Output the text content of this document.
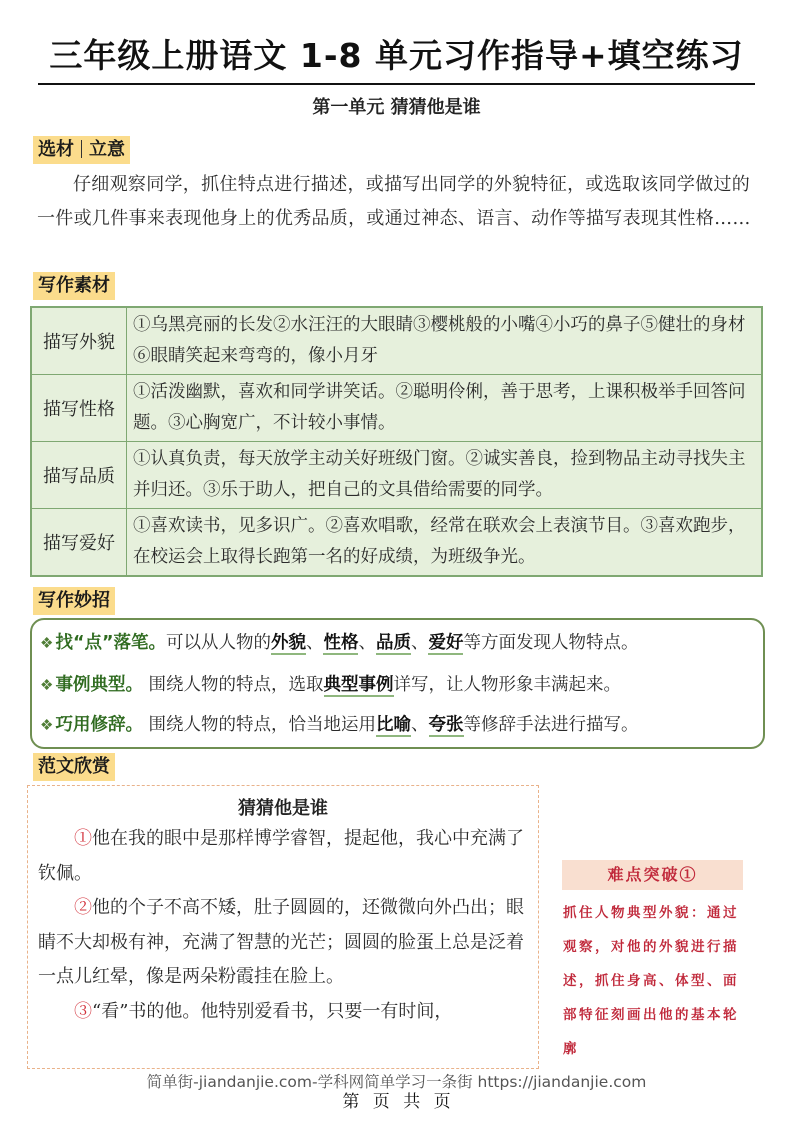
三年级上册语文 1-8 单元习作指导+填空练习
第一单元 猜猜他是谁
选材 立意
仔细观察同学，抓住特点进行描述，或描写出同学的外貌特征，或选取该同学做过的一件或几件事来表现他身上的优秀品质，或通过神态、语言、动作等描写表现其性格……
写作素材
描写外貌	①乌黑亮丽的长发②水汪汪的大眼睛③樱桃般的小嘴④小巧的鼻子⑤健壮的身材⑥眼睛笑起来弯弯的，像小月牙
描写性格	①活泼幽默，喜欢和同学讲笑话。②聪明伶俐，善于思考，上课积极举手回答问题。③心胸宽广，不计较小事情。
描写品质	①认真负责，每天放学主动关好班级门窗。②诚实善良，捡到物品主动寻找失主并归还。③乐于助人，把自己的文具借给需要的同学。
描写爱好	①喜欢读书，见多识广。②喜欢唱歌，经常在联欢会上表演节目。③喜欢跑步，在校运会上取得长跑第一名的好成绩，为班级争光。
写作妙招
❖ 找“点”落笔。可以从人物的外貌、性格、品质、爱好等方面发现人物特点。
❖ 事例典型。 围绕人物的特点，选取典型事例详写，让人物形象丰满起来。
❖ 巧用修辞。 围绕人物的特点，恰当地运用比喻、夸张等修辞手法进行描写。
范文欣赏
猜猜他是谁

①他在我的眼中是那样博学睿智，提起他，我心中充满了钦佩。

②他的个子不高不矮，肚子圆圆的，还微微向外凸出；眼睛不大却极有神，充满了智慧的光芒；圆圆的脸蛋上总是泛着一点儿红晕，像是两朵粉霞挂在脸上。

③“看”书的他。他特别爱看书，只要一有时间，

难点突破①
抓住人物典型外貌：通过观察，对他的外貌进行描述，抓住身高、体型、面部特征刻画出他的基本轮廓
简单街-jiandanjie.com-学科网简单学习一条街 https://jiandanjie.com
第 页 共 页
